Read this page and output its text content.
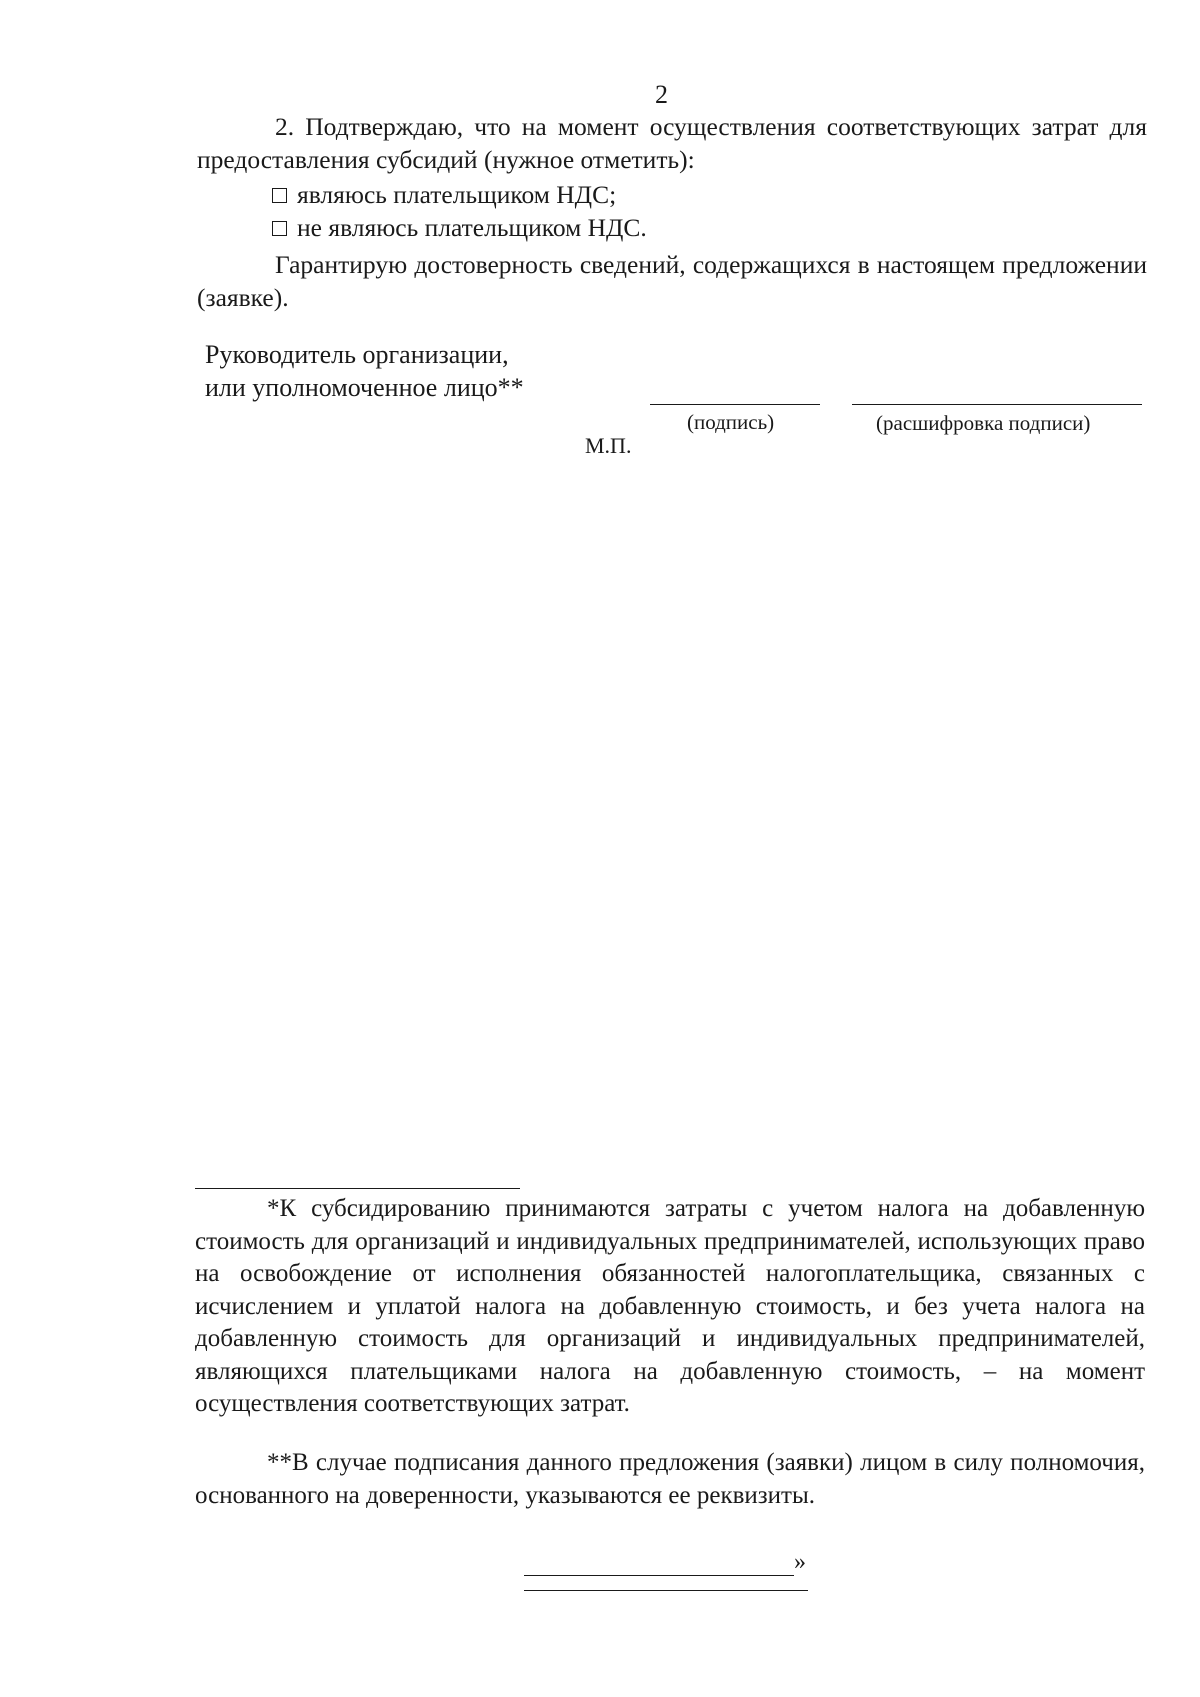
2
2. Подтверждаю, что на момент осуществления соответствующих затрат для предоставления субсидий (нужное отметить):
являюсь плательщиком НДС;
не являюсь плательщиком НДС.
Гарантирую достоверность сведений, содержащихся в настоящем предложении (заявке).
Руководитель организации,
или уполномоченное лицо**
(подпись)	(расшифровка подписи)
М.П.
*К субсидированию принимаются затраты с учетом налога на добавленную стоимость для организаций и индивидуальных предпринимателей, использующих право на освобождение от исполнения обязанностей налогоплательщика, связанных с исчислением и уплатой налога на добавленную стоимость, и без учета налога на добавленную стоимость для организаций и индивидуальных предпринимателей, являющихся плательщиками налога на добавленную стоимость, – на момент осуществления соответствующих затрат.
**В случае подписания данного предложения (заявки) лицом в силу полномочия, основанного на доверенности, указываются ее реквизиты.
»
